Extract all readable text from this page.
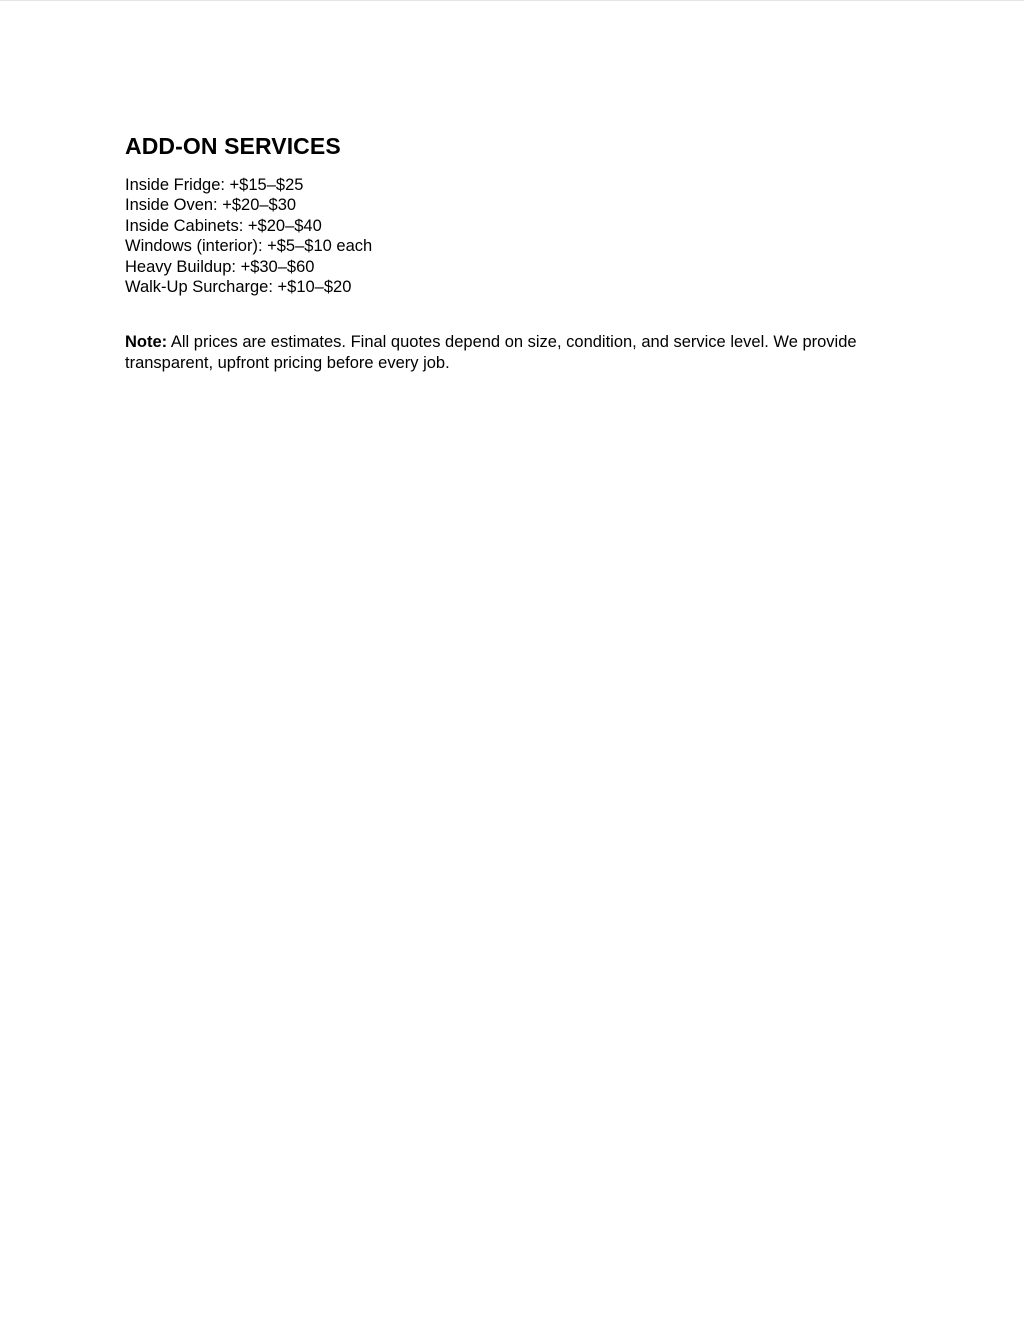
ADD-ON SERVICES
Inside Fridge: +$15–$25
Inside Oven: +$20–$30
Inside Cabinets: +$20–$40
Windows (interior): +$5–$10 each
Heavy Buildup: +$30–$60
Walk-Up Surcharge: +$10–$20

Note: All prices are estimates. Final quotes depend on size, condition, and service level. We provide transparent, upfront pricing before every job.
